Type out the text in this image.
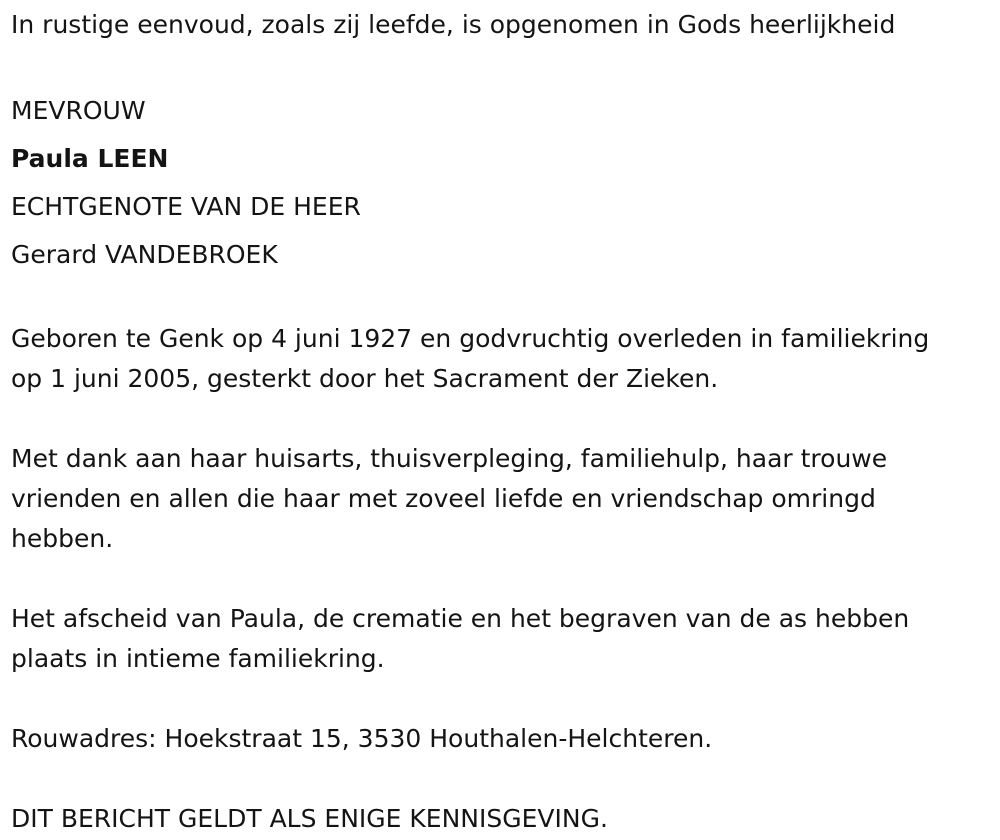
In rustige eenvoud, zoals zij leefde, is opgenomen in Gods heerlijkheid
MEVROUW
Paula LEEN
ECHTGENOTE VAN DE HEER
Gerard VANDEBROEK
Geboren te Genk op 4 juni 1927 en godvruchtig overleden in familiekring
op 1 juni 2005, gesterkt door het Sacrament der Zieken.
Met dank aan haar huisarts, thuisverpleging, familiehulp, haar trouwe
vrienden en allen die haar met zoveel liefde en vriendschap omringd
hebben.
Het afscheid van Paula, de crematie en het begraven van de as hebben
plaats in intieme familiekring.
Rouwadres: Hoekstraat 15, 3530 Houthalen-Helchteren.
DIT BERICHT GELDT ALS ENIGE KENNISGEVING.
